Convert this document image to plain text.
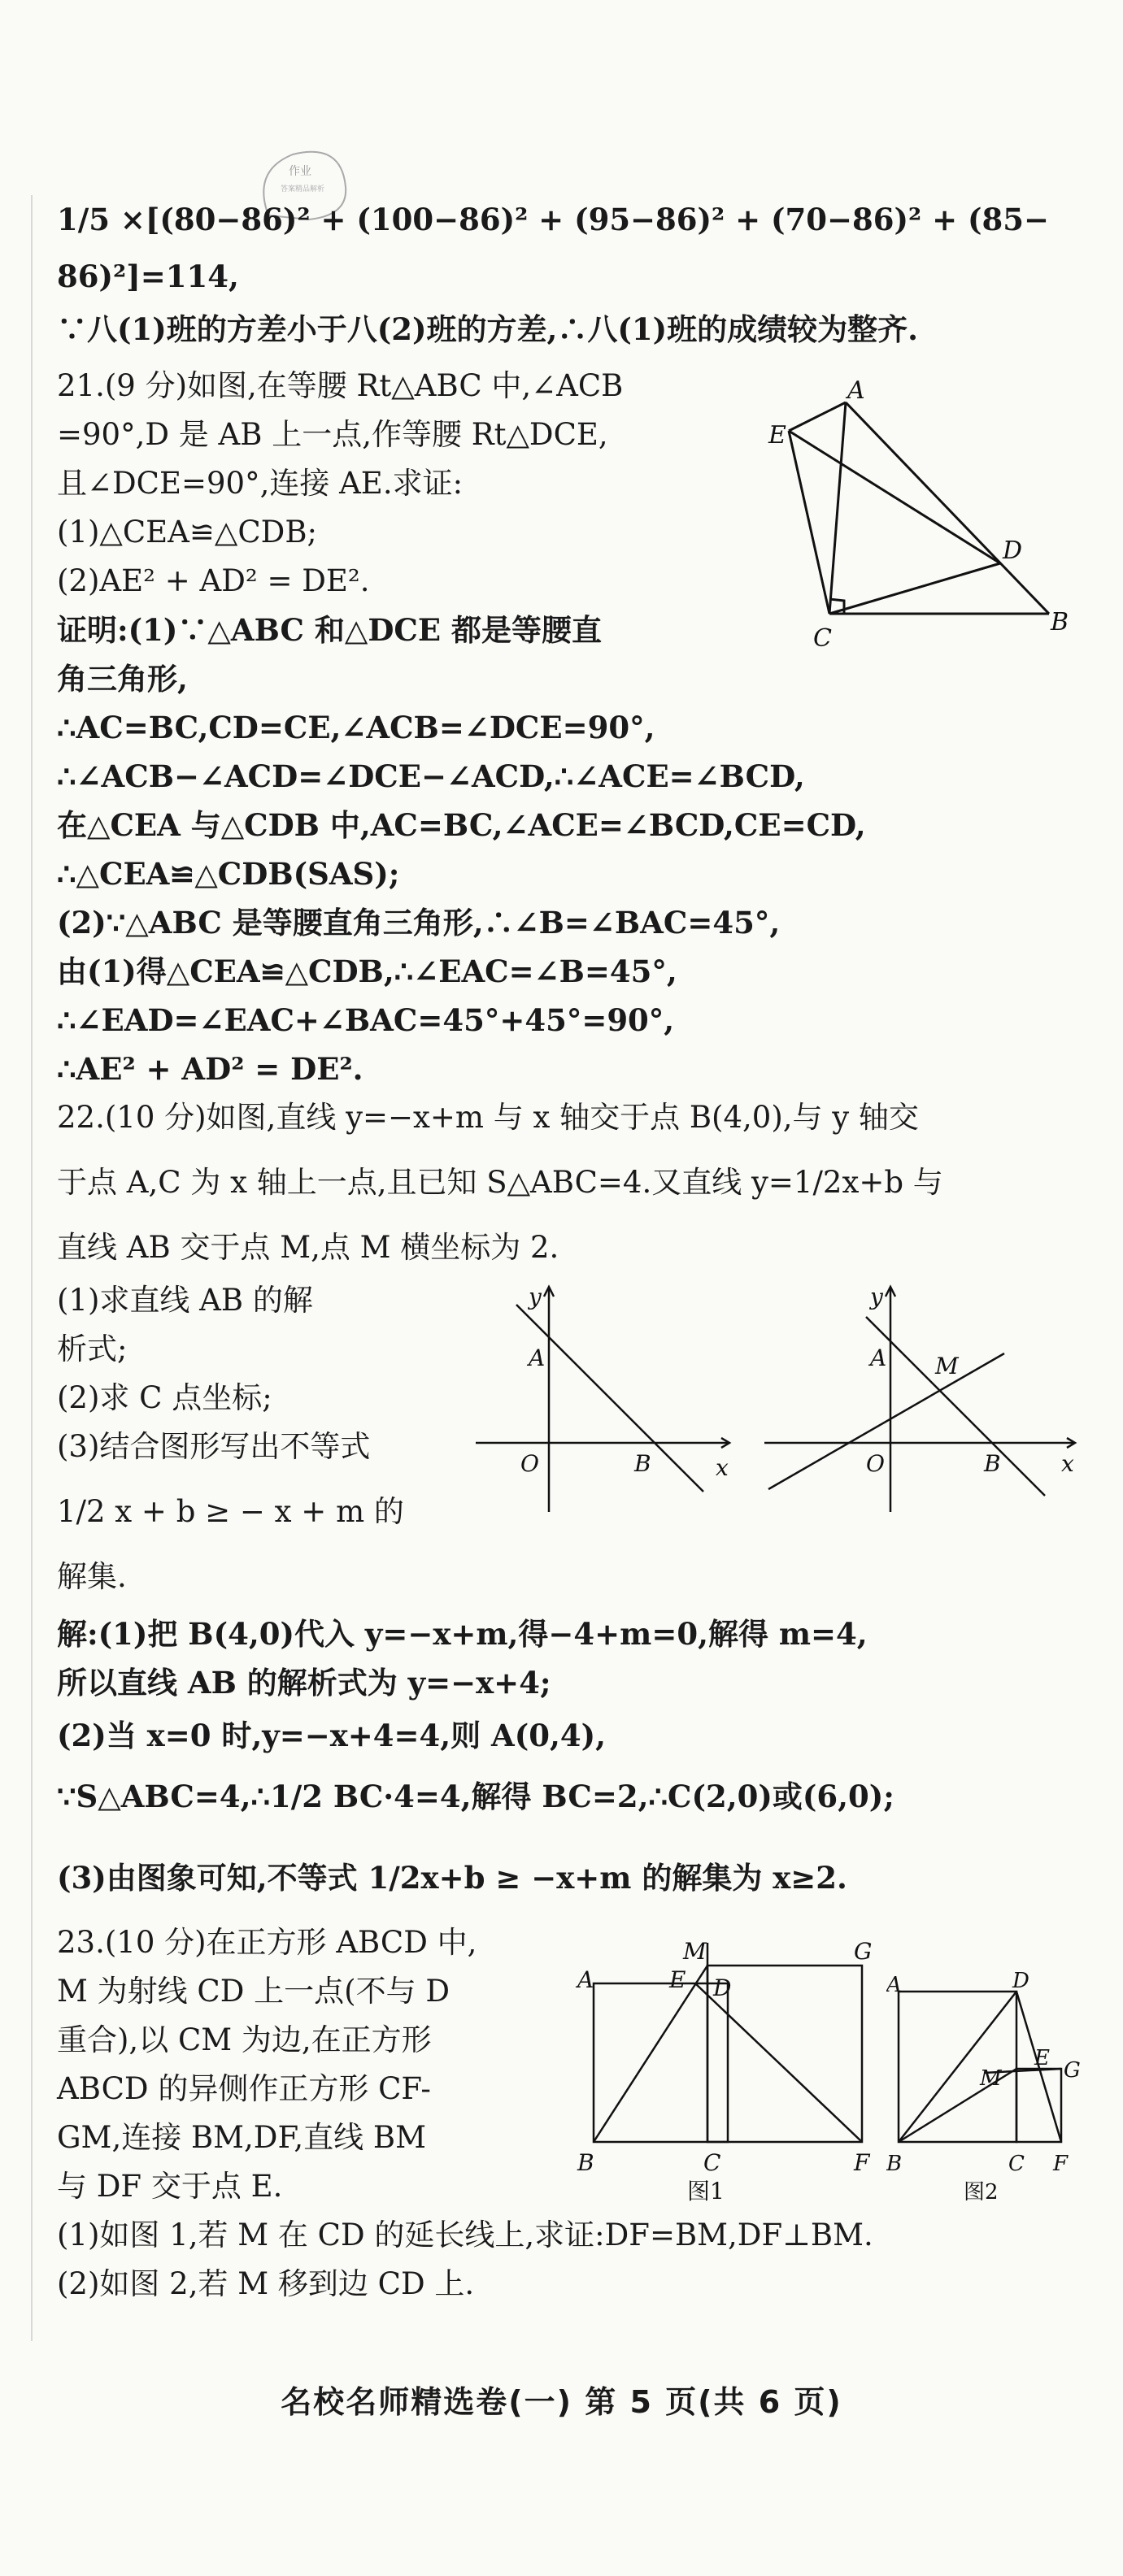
作业
答案精品解析
1/5 ×[(80−86)² + (100−86)² + (95−86)² + (70−86)² + (85−
86)²]=114,
∵八(1)班的方差小于八(2)班的方差,∴八(1)班的成绩较为整齐.
21.(9 分)如图,在等腰 Rt△ABC 中,∠ACB
=90°,D 是 AB 上一点,作等腰 Rt△DCE,
且∠DCE=90°,连接 AE.求证:
(1)△CEA≌△CDB;
(2)AE² + AD² = DE².
证明:(1)∵△ABC 和△DCE 都是等腰直
角三角形,
∴AC=BC,CD=CE,∠ACB=∠DCE=90°,
∴∠ACB−∠ACD=∠DCE−∠ACD,∴∠ACE=∠BCD,
在△CEA 与△CDB 中,AC=BC,∠ACE=∠BCD,CE=CD,
∴△CEA≌△CDB(SAS);
(2)∵△ABC 是等腰直角三角形,∴∠B=∠BAC=45°,
由(1)得△CEA≌△CDB,∴∠EAC=∠B=45°,
∴∠EAD=∠EAC+∠BAC=45°+45°=90°,
∴AE² + AD² = DE².
A
E
D
C
B
22.(10 分)如图,直线 y=−x+m 与 x 轴交于点 B(4,0),与 y 轴交
于点 A,C 为 x 轴上一点,且已知 S△ABC=4.又直线 y=1/2x+b 与
直线 AB 交于点 M,点 M 横坐标为 2.
(1)求直线 AB 的解
析式;
(2)求 C 点坐标;
(3)结合图形写出不等式
1/2 x + b ≥ − x + m 的
解集.
解:(1)把 B(4,0)代入 y=−x+m,得−4+m=0,解得 m=4,
所以直线 AB 的解析式为 y=−x+4;
(2)当 x=0 时,y=−x+4=4,则 A(0,4),
∵S△ABC=4,∴1/2 BC·4=4,解得 BC=2,∴C(2,0)或(6,0);
(3)由图象可知,不等式 1/2x+b ≥ −x+m 的解集为 x≥2.
y
A
O	B	x
y
A M
O	B	x
23.(10 分)在正方形 ABCD 中,
M 为射线 CD 上一点(不与 D
重合),以 CM 为边,在正方形
ABCD 的异侧作正方形 CF-
GM,连接 BM,DF,直线 BM
与 DF 交于点 E.
(1)如图 1,若 M 在 CD 的延长线上,求证:DF=BM,DF⊥BM.
(2)如图 2,若 M 移到边 CD 上.
M	G
A	E D
B	C	F
图1
D
E G
M
B	C F
A
图2
名校名师精选卷(一) 第 5 页(共 6 页)
